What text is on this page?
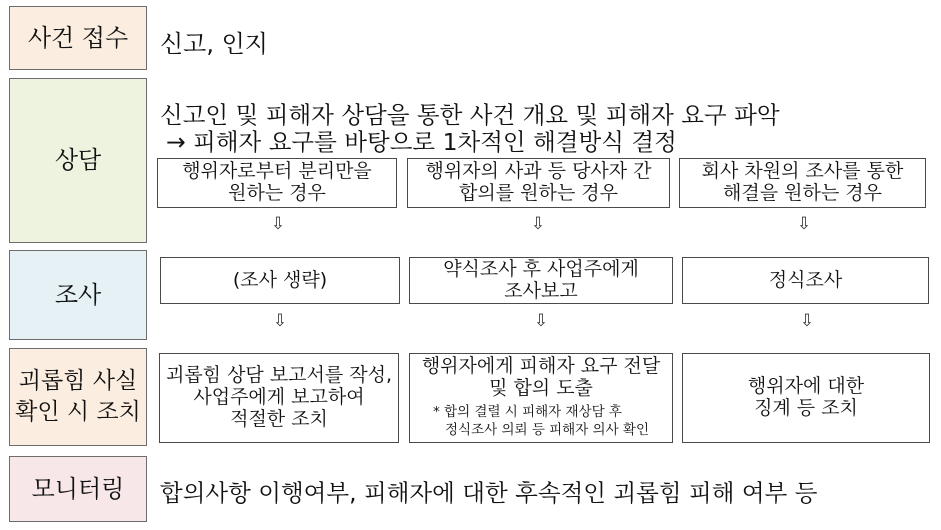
사건 접수
상담
조사
괴롭힘 사실
확인 시 조치
모니터링
신고, 인지
신고인 및 피해자 상담을 통한 사건 개요 및 피해자 요구 파악
→ 피해자 요구를 바탕으로 1차적인 해결방식 결정
합의사항 이행여부, 피해자에 대한 후속적인 괴롭힘 피해 여부 등
행위자로부터 분리만을
원하는 경우
행위자의 사과 등 당사자 간
합의를 원하는 경우
회사 차원의 조사를 통한
해결을 원하는 경우
⇩	⇩	⇩
(조사 생략)	약식조사 후 사업주에게
조사보고	정식조사
⇩	⇩	⇩
괴롭힘 상담 보고서를 작성,
사업주에게 보고하여
적절한 조치
행위자에게 피해자 요구 전달
및 합의 도출
* 합의 결렬 시 피해자 재상담 후
정식조사 의뢰 등 피해자 의사 확인
행위자에 대한
징계 등 조치
